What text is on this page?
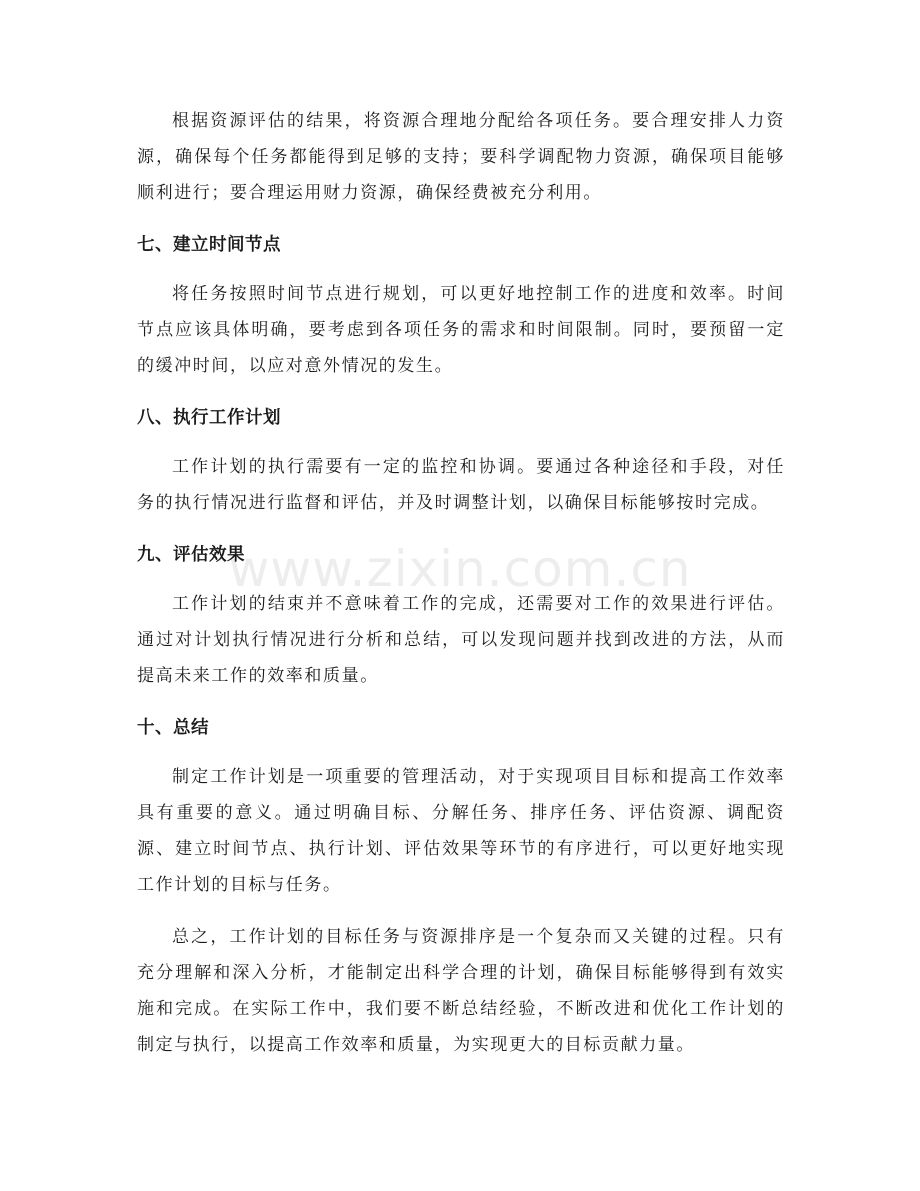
www.zixin.com.cn

根据资源评估的结果，将资源合理地分配给各项任务。要合理安排人力资源，确保每个任务都能得到足够的支持；要科学调配物力资源，确保项目能够顺利进行；要合理运用财力资源，确保经费被充分利用。

七、建立时间节点

将任务按照时间节点进行规划，可以更好地控制工作的进度和效率。时间节点应该具体明确，要考虑到各项任务的需求和时间限制。同时，要预留一定的缓冲时间，以应对意外情况的发生。

八、执行工作计划

工作计划的执行需要有一定的监控和协调。要通过各种途径和手段，对任务的执行情况进行监督和评估，并及时调整计划，以确保目标能够按时完成。

九、评估效果

工作计划的结束并不意味着工作的完成，还需要对工作的效果进行评估。通过对计划执行情况进行分析和总结，可以发现问题并找到改进的方法，从而提高未来工作的效率和质量。

十、总结

制定工作计划是一项重要的管理活动，对于实现项目目标和提高工作效率具有重要的意义。通过明确目标、分解任务、排序任务、评估资源、调配资源、建立时间节点、执行计划、评估效果等环节的有序进行，可以更好地实现工作计划的目标与任务。

总之，工作计划的目标任务与资源排序是一个复杂而又关键的过程。只有充分理解和深入分析，才能制定出科学合理的计划，确保目标能够得到有效实施和完成。在实际工作中，我们要不断总结经验，不断改进和优化工作计划的制定与执行，以提高工作效率和质量，为实现更大的目标贡献力量。
